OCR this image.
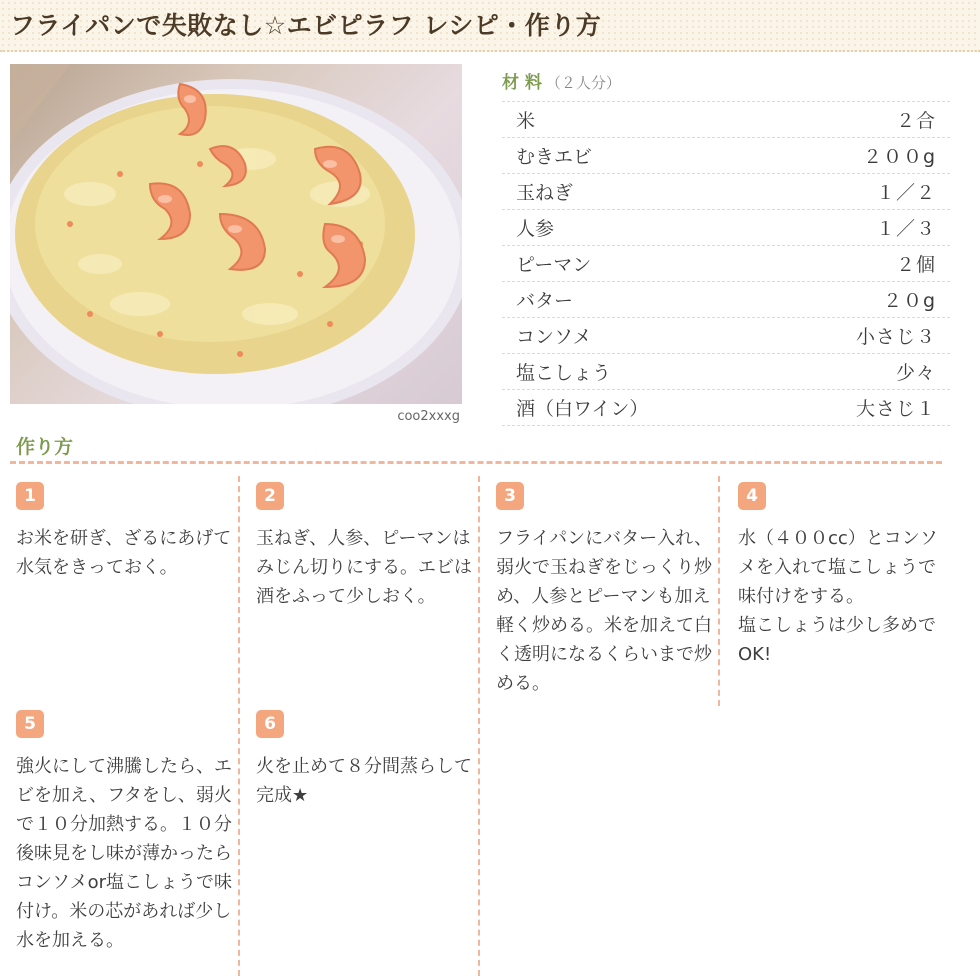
フライパンで失敗なし☆エビピラフ レシピ・作り方
coo2xxxg
材 料 （２人分）
米	２合
むきエビ	２００g
玉ねぎ	１／２
人参	１／３
ピーマン	２個
バター	２０g
コンソメ	小さじ３
塩こしょう	少々
酒（白ワイン）	大さじ１
作り方
1
お米を研ぎ、ざるにあげて水気をきっておく。
2
玉ねぎ、人参、ピーマンはみじん切りにする。エビは酒をふって少しおく。
3
フライパンにバター入れ、弱火で玉ねぎをじっくり炒め、人参とピーマンも加え軽く炒める。米を加えて白く透明になるくらいまで炒める。
4
水（４００cc）とコンソメを入れて塩こしょうで味付けをする。
塩こしょうは少し多めでOK!
5
強火にして沸騰したら、エビを加え、フタをし、弱火で１０分加熱する。１０分後味見をし味が薄かったらコンソメor塩こしょうで味付け。米の芯があれば少し水を加える。
6
火を止めて８分間蒸らして完成★
